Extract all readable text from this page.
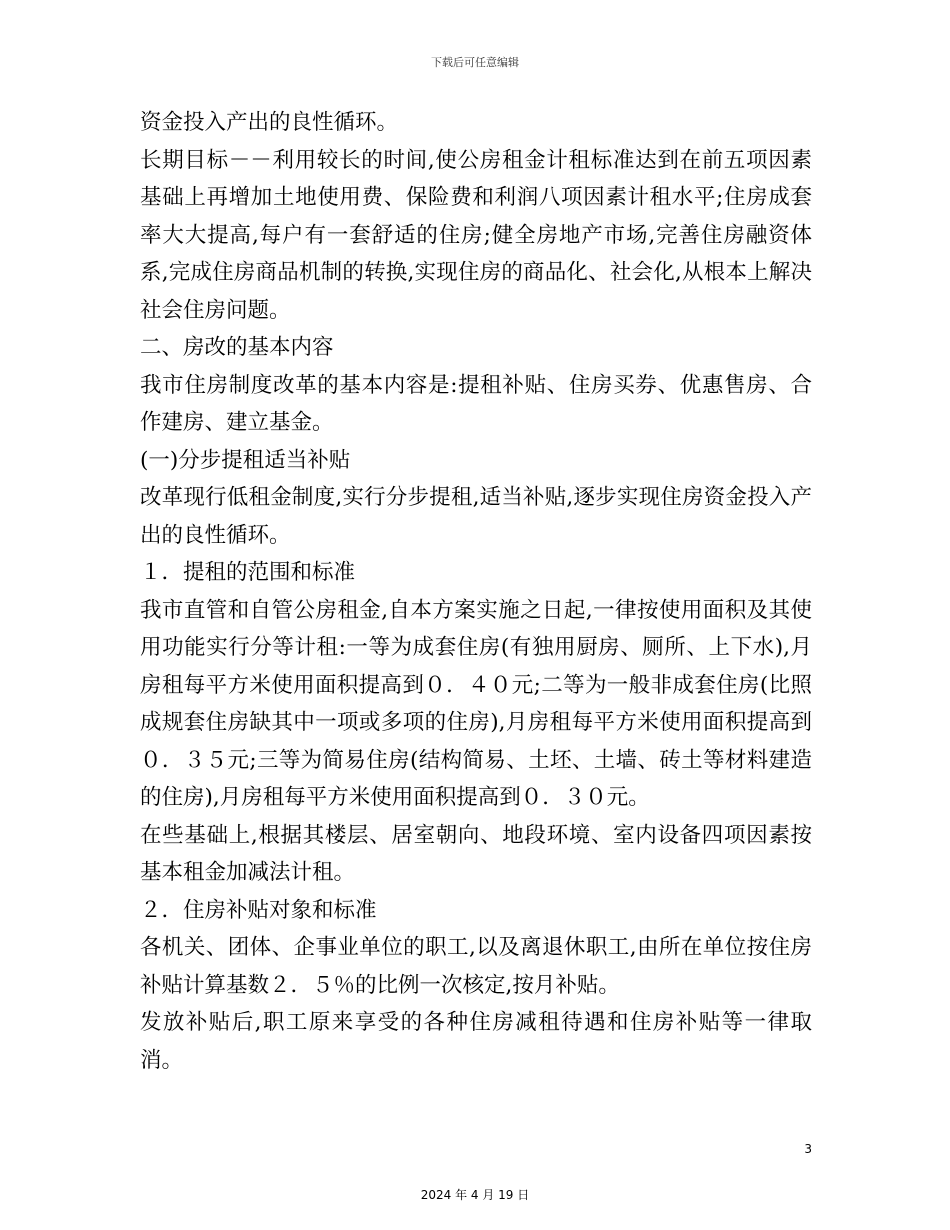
下载后可任意编辑

资金投入产出的良性循环。

长期目标－－利用较长的时间,使公房租金计租标准达到在前五项因素基础上再增加土地使用费、保险费和利润八项因素计租水平;住房成套率大大提高,每户有一套舒适的住房;健全房地产市场,完善住房融资体系,完成住房商品机制的转换,实现住房的商品化、社会化,从根本上解决社会住房问题。

二、房改的基本内容

我市住房制度改革的基本内容是:提租补贴、住房买券、优惠售房、合作建房、建立基金。

(一)分步提租适当补贴

改革现行低租金制度,实行分步提租,适当补贴,逐步实现住房资金投入产出的良性循环。

１．提租的范围和标准

我市直管和自管公房租金,自本方案实施之日起,一律按使用面积及其使用功能实行分等计租:一等为成套住房(有独用厨房、厕所、上下水),月房租每平方米使用面积提高到０．４０元;二等为一般非成套住房(比照成规套住房缺其中一项或多项的住房),月房租每平方米使用面积提高到０．３５元;三等为简易住房(结构简易、土坯、土墙、砖土等材料建造的住房),月房租每平方米使用面积提高到０．３０元。

在些基础上,根据其楼层、居室朝向、地段环境、室内设备四项因素按基本租金加减法计租。

２．住房补贴对象和标准

各机关、团体、企事业单位的职工,以及离退休职工,由所在单位按住房补贴计算基数２．５％的比例一次核定,按月补贴。

发放补贴后,职工原来享受的各种住房减租待遇和住房补贴等一律取消。

3
2024 年 4 月 19 日
